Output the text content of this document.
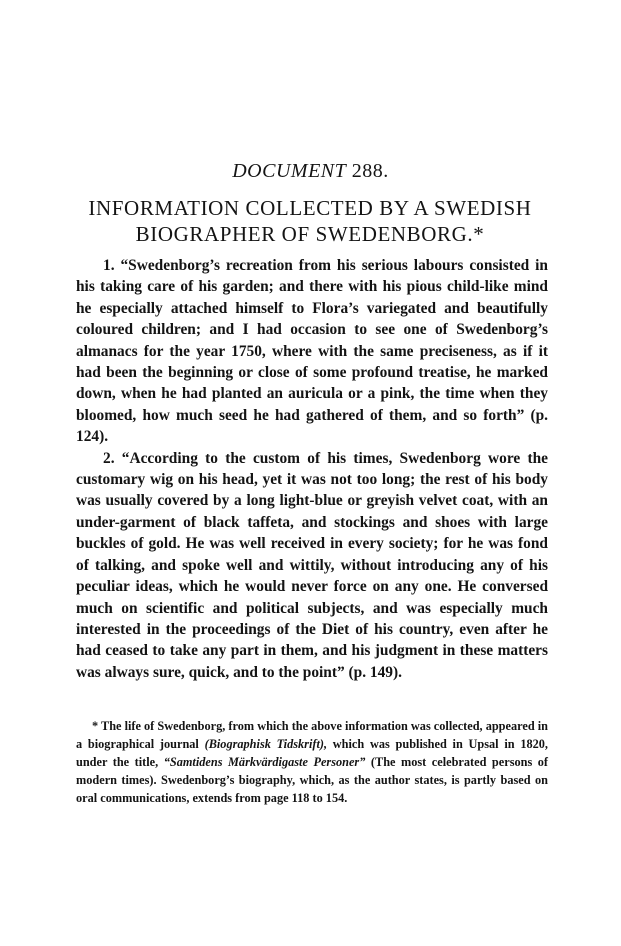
DOCUMENT 288.
INFORMATION COLLECTED BY A SWEDISH
BIOGRAPHER OF SWEDENBORG.*

1. “Swedenborg’s recreation from his serious labours consisted in his taking care of his garden; and there with his pious child-like mind he especially attached himself to Flora’s variegated and beautifully coloured children; and I had occasion to see one of Swedenborg’s almanacs for the year 1750, where with the same preciseness, as if it had been the beginning or close of some profound treatise, he marked down, when he had planted an auricula or a pink, the time when they bloomed, how much seed he had gathered of them, and so forth” (p. 124).

2. “According to the custom of his times, Swedenborg wore the customary wig on his head, yet it was not too long; the rest of his body was usually covered by a long light-blue or greyish velvet coat, with an under-garment of black taffeta, and stockings and shoes with large buckles of gold. He was well received in every society; for he was fond of talking, and spoke well and wittily, without introducing any of his peculiar ideas, which he would never force on any one. He conversed much on scientific and political subjects, and was especially much interested in the proceedings of the Diet of his country, even after he had ceased to take any part in them, and his judgment in these matters was always sure, quick, and to the point” (p. 149).

* The life of Swedenborg, from which the above information was collected, appeared in a biographical journal (Biographisk Tidskrift), which was published in Upsal in 1820, under the title, “Samtidens Märkvärdigaste Personer” (The most celebrated persons of modern times). Swedenborg’s biography, which, as the author states, is partly based on oral communications, extends from page 118 to 154.
